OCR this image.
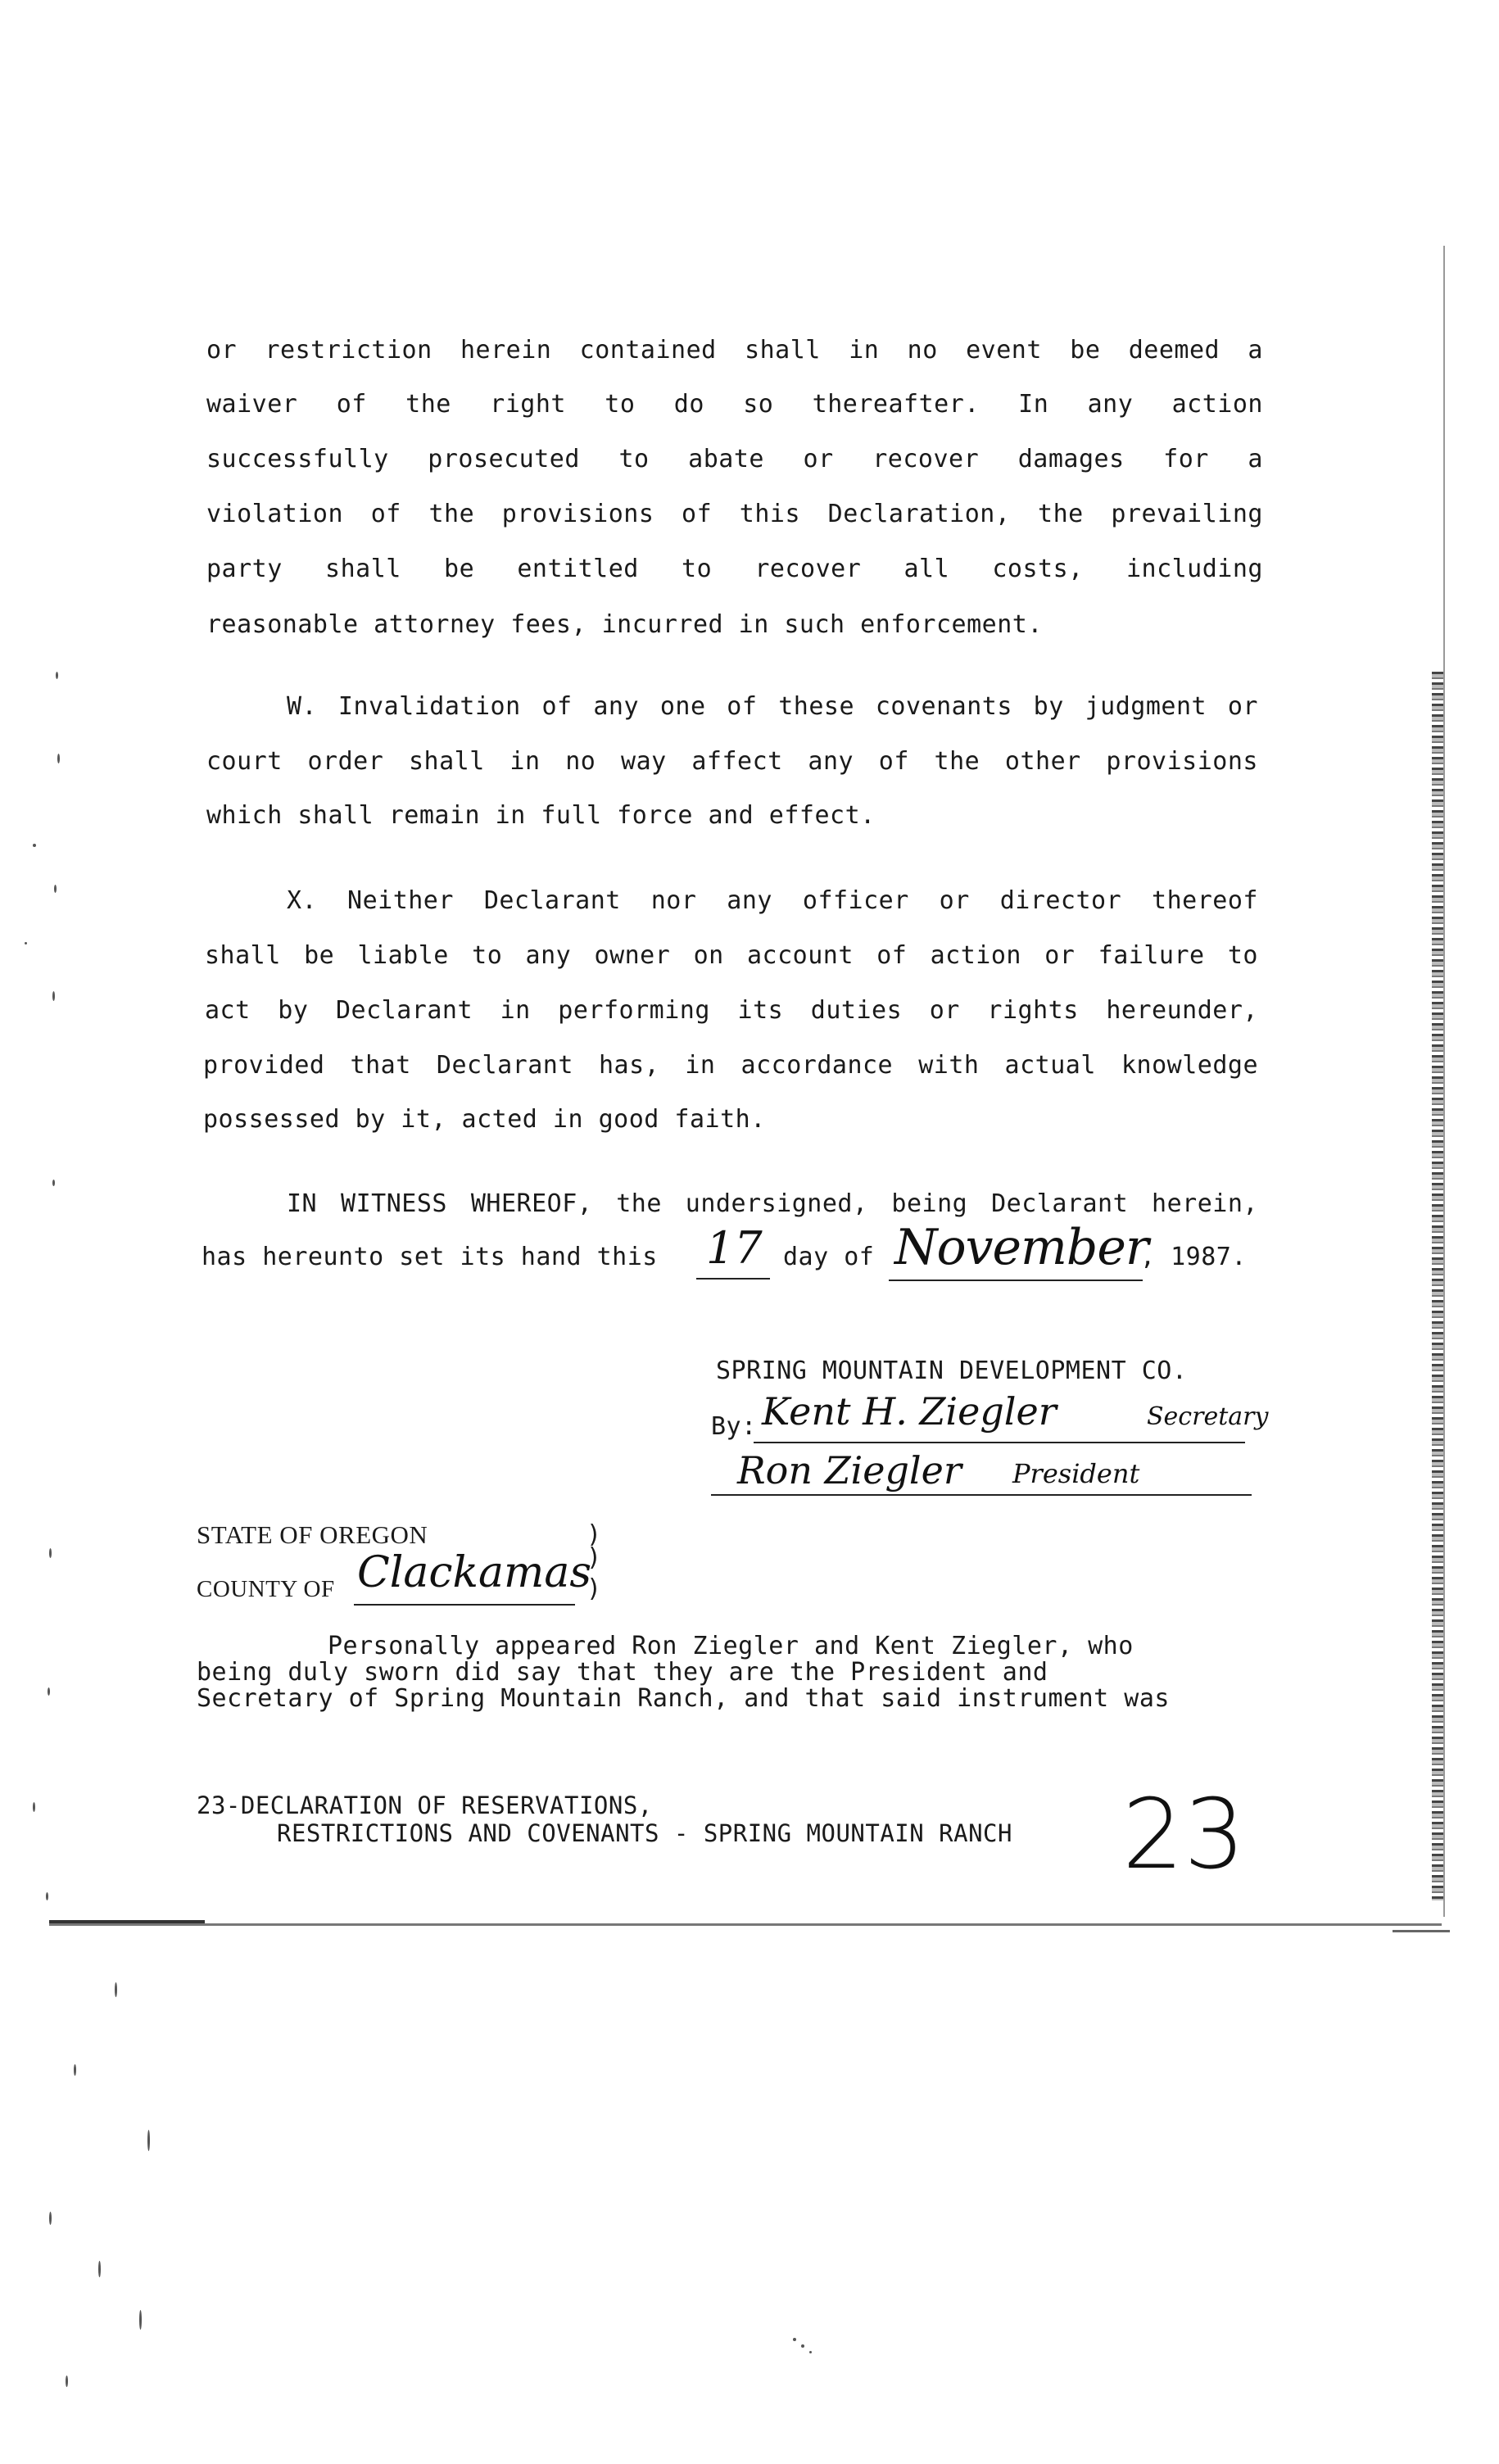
or restriction herein contained shall in no event be deemed a
waiver of the right to do so thereafter. In any action
successfully prosecuted to abate or recover damages for a
violation of the provisions of this Declaration, the prevailing
party shall be entitled to recover all costs, including
reasonable attorney fees, incurred in such enforcement.
W. Invalidation of any one of these covenants by judgment or
court order shall in no way affect any of the other provisions
which shall remain in full force and effect.
X. Neither Declarant nor any officer or director thereof
shall be liable to any owner on account of action or failure to
act by Declarant in performing its duties or rights hereunder,
provided that Declarant has, in accordance with actual knowledge
possessed by it, acted in good faith.
IN WITNESS WHEREOF, the undersigned, being Declarant herein,
has hereunto set its hand this 17 day of November
, 1987.
SPRING MOUNTAIN DEVELOPMENT CO.
By: Kent H. Ziegler	Secretary
Ron Ziegler President
STATE OF OREGON	)
)
COUNTY OF Clackamas
)
Personally appeared Ron Ziegler and Kent Ziegler, who
being duly sworn did say that they are the President and
Secretary of Spring Mountain Ranch, and that said instrument was
23-DECLARATION OF RESERVATIONS,
RESTRICTIONS AND COVENANTS - SPRING MOUNTAIN RANCH 23
